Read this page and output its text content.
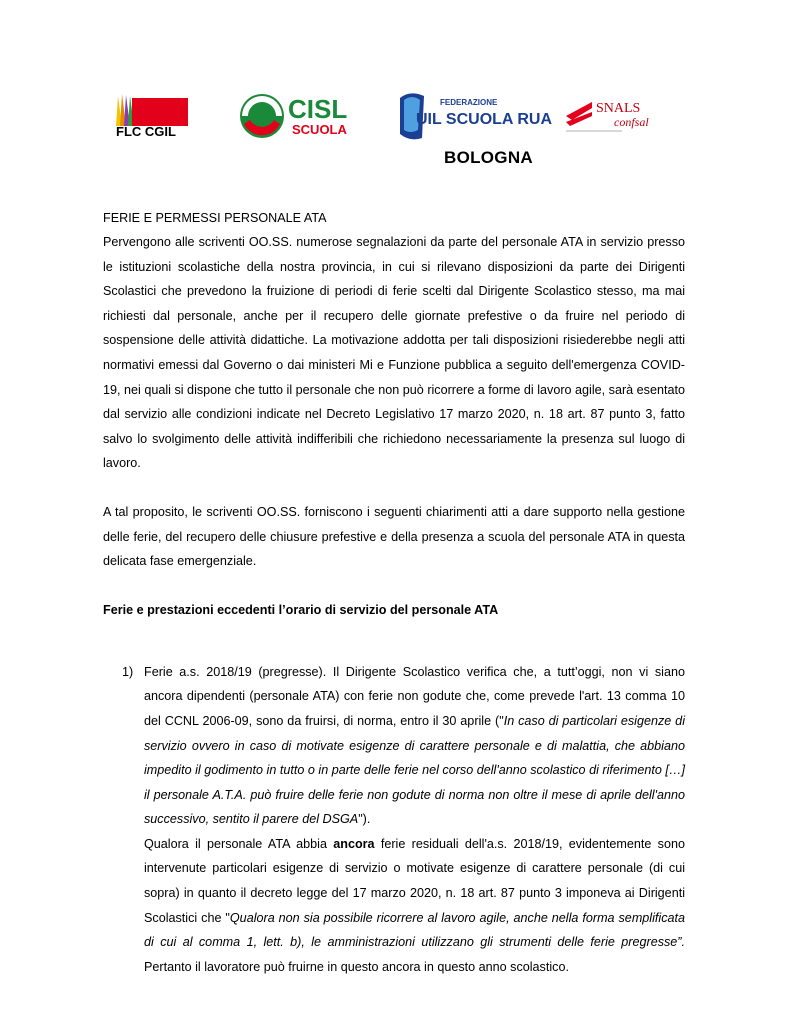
FLC CGIL
CISL
SCUOLA
FEDERAZIONE
UIL SCUOLA RUA
SNALS
confsal
BOLOGNA

FERIE E PERMESSI PERSONALE ATA

Pervengono alle scriventi OO.SS. numerose segnalazioni da parte del personale ATA in servizio presso le istituzioni scolastiche della nostra provincia, in cui si rilevano disposizioni da parte dei Dirigenti Scolastici che prevedono la fruizione di periodi di ferie scelti dal Dirigente Scolastico stesso, ma mai richiesti dal personale, anche per il recupero delle giornate prefestive o da fruire nel periodo di sospensione delle attività didattiche. La motivazione addotta per tali disposizioni risiederebbe negli atti normativi emessi dal Governo o dai ministeri Mi e Funzione pubblica a seguito dell'emergenza COVID-19, nei quali si dispone che tutto il personale che non può ricorrere a forme di lavoro agile, sarà esentato dal servizio alle condizioni indicate nel Decreto Legislativo 17 marzo 2020, n. 18 art. 87 punto 3, fatto salvo lo svolgimento delle attività indifferibili che richiedono necessariamente la presenza sul luogo di lavoro.

A tal proposito, le scriventi OO.SS. forniscono i seguenti chiarimenti atti a dare supporto nella gestione delle ferie, del recupero delle chiusure prefestive e della presenza a scuola del personale ATA in questa delicata fase emergenziale.

Ferie e prestazioni eccedenti l’orario di servizio del personale ATA

1) Ferie a.s. 2018/19 (pregresse). Il Dirigente Scolastico verifica che, a tutt’oggi, non vi siano ancora dipendenti (personale ATA) con ferie non godute che, come prevede l'art. 13 comma 10 del CCNL 2006-09, sono da fruirsi, di norma, entro il 30 aprile ("In caso di particolari esigenze di servizio ovvero in caso di motivate esigenze di carattere personale e di malattia, che abbiano impedito il godimento in tutto o in parte delle ferie nel corso dell'anno scolastico di riferimento […] il personale A.T.A. può fruire delle ferie non godute di norma non oltre il mese di aprile dell'anno successivo, sentito il parere del DSGA").

Qualora il personale ATA abbia ancora ferie residuali dell'a.s. 2018/19, evidentemente sono intervenute particolari esigenze di servizio o motivate esigenze di carattere personale (di cui sopra) in quanto il decreto legge del 17 marzo 2020, n. 18 art. 87 punto 3 imponeva ai Dirigenti Scolastici che "Qualora non sia possibile ricorrere al lavoro agile, anche nella forma semplificata di cui al comma 1, lett. b), le amministrazioni utilizzano gli strumenti delle ferie pregresse”. Pertanto il lavoratore può fruirne in questo ancora in questo anno scolastico.
